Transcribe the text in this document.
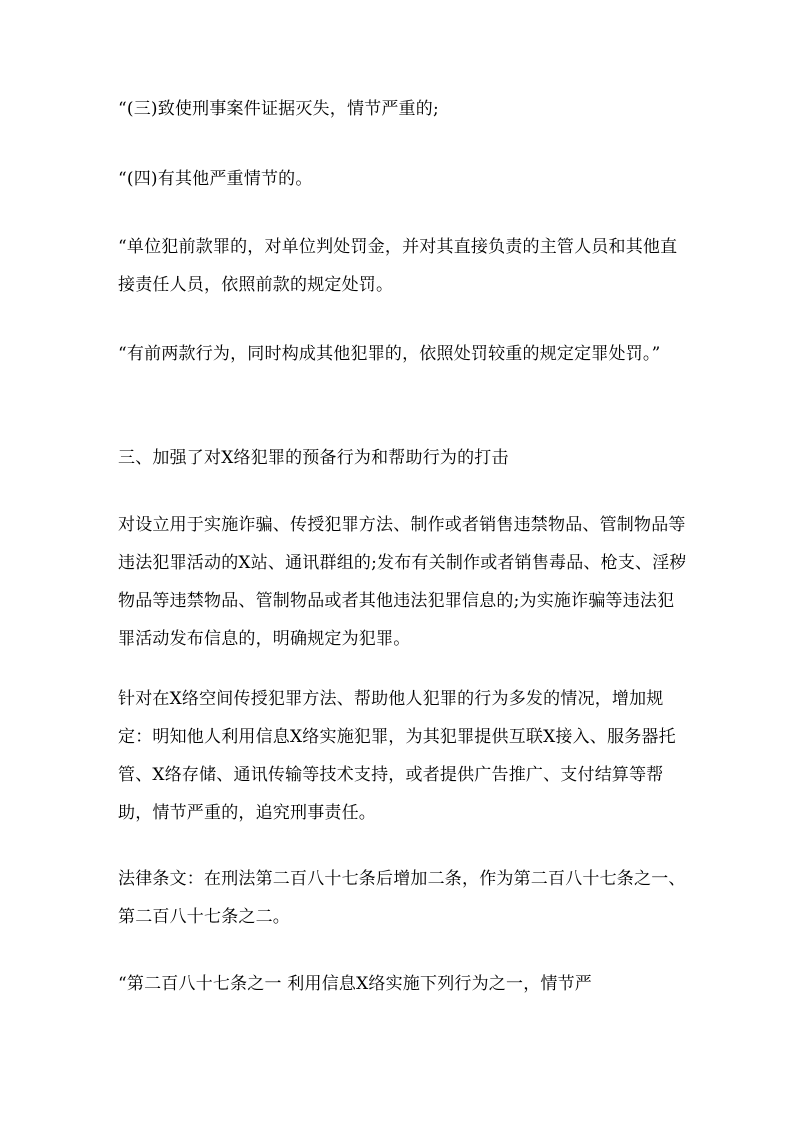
“(三)致使刑事案件证据灭失，情节严重的;

“(四)有其他严重情节的。

“单位犯前款罪的，对单位判处罚金，并对其直接负责的主管人员和其他直接责任人员，依照前款的规定处罚。

“有前两款行为，同时构成其他犯罪的，依照处罚较重的规定定罪处罚。”

三、加强了对X络犯罪的预备行为和帮助行为的打击

对设立用于实施诈骗、传授犯罪方法、制作或者销售违禁物品、管制物品等违法犯罪活动的X站、通讯群组的;发布有关制作或者销售毒品、枪支、淫秽物品等违禁物品、管制物品或者其他违法犯罪信息的;为实施诈骗等违法犯罪活动发布信息的，明确规定为犯罪。

针对在X络空间传授犯罪方法、帮助他人犯罪的行为多发的情况，增加规定：明知他人利用信息X络实施犯罪，为其犯罪提供互联X接入、服务器托管、X络存储、通讯传输等技术支持，或者提供广告推广、支付结算等帮助，情节严重的，追究刑事责任。

法律条文：在刑法第二百八十七条后增加二条，作为第二百八十七条之一、第二百八十七条之二。

“第二百八十七条之一 利用信息X络实施下列行为之一，情节严
